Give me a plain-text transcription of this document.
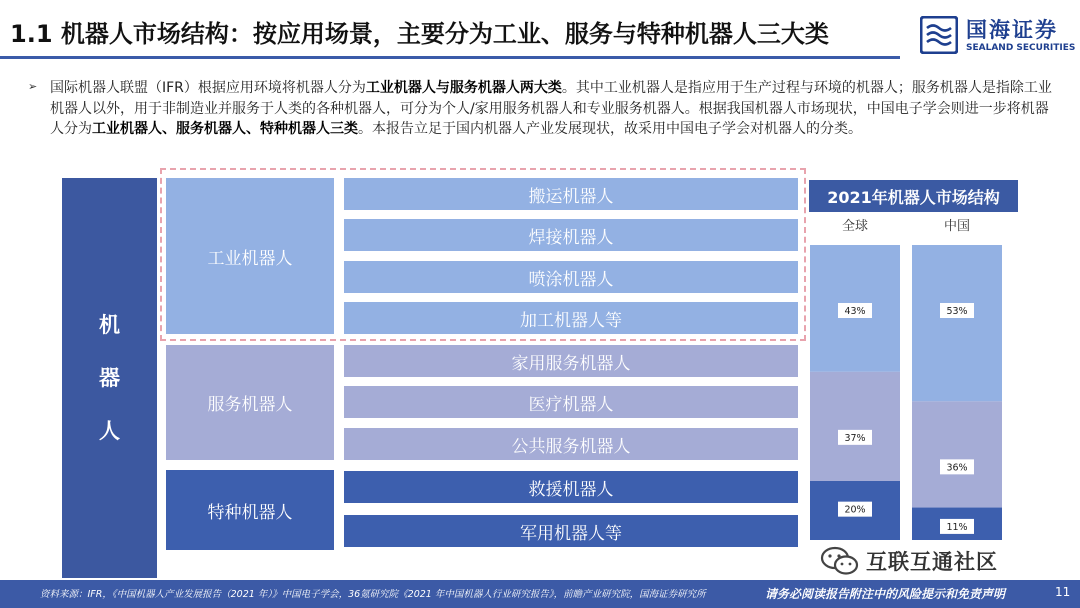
1.1 机器人市场结构：按应用场景，主要分为工业、服务与特种机器人三大类	国海证券
SEALAND SECURITIES
➢ 国际机器人联盟（IFR）根据应用环境将机器人分为工业机器人与服务机器人两大类。其中工业机器人是指应用于生产过程与环境的机器人；服务机器人是指除工业机器人以外，用于非制造业并服务于人类的各种机器人，可分为个人/家用服务机器人和专业服务机器人。根据我国机器人市场现状，中国电子学会则进一步将机器人分为工业机器人、服务机器人、特种机器人三类。本报告立足于国内机器人产业发展现状，故采用中国电子学会对机器人的分类。
机
器
人
工业机器人
服务机器人
特种机器人
搬运机器人
焊接机器人
喷涂机器人
加工机器人等
家用服务机器人
医疗机器人
公共服务机器人
救援机器人
军用机器人等
2021年机器人市场结构
全球
43%
37%
20%
中国
53%
36%
11%
互联互通社区
资料来源：IFR，《中国机器人产业发展报告（2021 年）》中国电子学会，36氪研究院《2021 年中国机器人行业研究报告》，前瞻产业研究院，国海证券研究所	请务必阅读报告附注中的风险提示和免责声明	11
